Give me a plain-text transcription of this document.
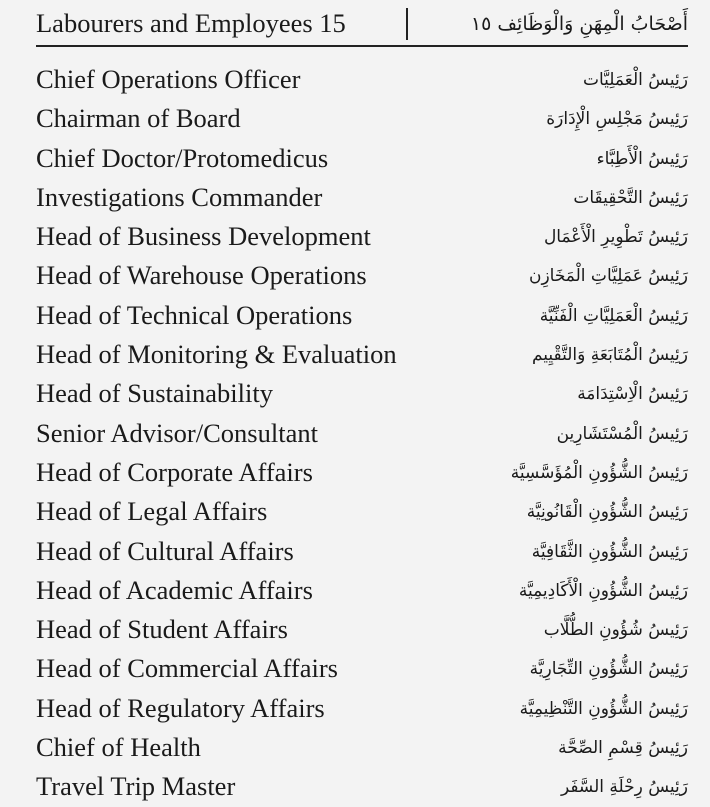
Labourers and Employees 15	أَصْحَابُ الْمِهَنِ وَالْوَظَائِف ١٥
Chief Operations Officer	رَئِيسُ الْعَمَلِيَّات
Chairman of Board	رَئِيسُ مَجْلِسِ الْإِدَارَة
Chief Doctor/Protomedicus	رَئِيسُ الْأَطِبَّاء
Investigations Commander	رَئِيسُ التَّحْقِيقَات
Head of Business Development	رَئِيسُ تَطْوِيرِ الْأَعْمَال
Head of Warehouse Operations	رَئِيسُ عَمَلِيَّاتِ الْمَخَازِن
Head of Technical Operations	رَئِيسُ الْعَمَلِيَّاتِ الْفَنِّيَّة
Head of Monitoring & Evaluation	رَئِيسُ الْمُتَابَعَةِ وَالتَّقْيِيم
Head of Sustainability	رَئِيسُ الْاِسْتِدَامَة
Senior Advisor/Consultant	رَئِيسُ الْمُسْتَشَارِين
Head of Corporate Affairs	رَئِيسُ الشُّؤُونِ الْمُؤَسَّسِيَّة
Head of Legal Affairs	رَئِيسُ الشُّؤُونِ الْقَانُونِيَّة
Head of Cultural Affairs	رَئِيسُ الشُّؤُونِ الثَّقَافِيَّة
Head of Academic Affairs	رَئِيسُ الشُّؤُونِ الْأَكَادِيمِيَّة
Head of Student Affairs	رَئِيسُ شُؤُونِ الطُّلَّاب
Head of Commercial Affairs	رَئِيسُ الشُّؤُونِ التِّجَارِيَّة
Head of Regulatory Affairs	رَئِيسُ الشُّؤُونِ التَّنْظِيمِيَّة
Chief of Health	رَئِيسُ قِسْمِ الصِّحَّة
Travel Trip Master	رَئِيسُ رِحْلَةِ السَّفَر
